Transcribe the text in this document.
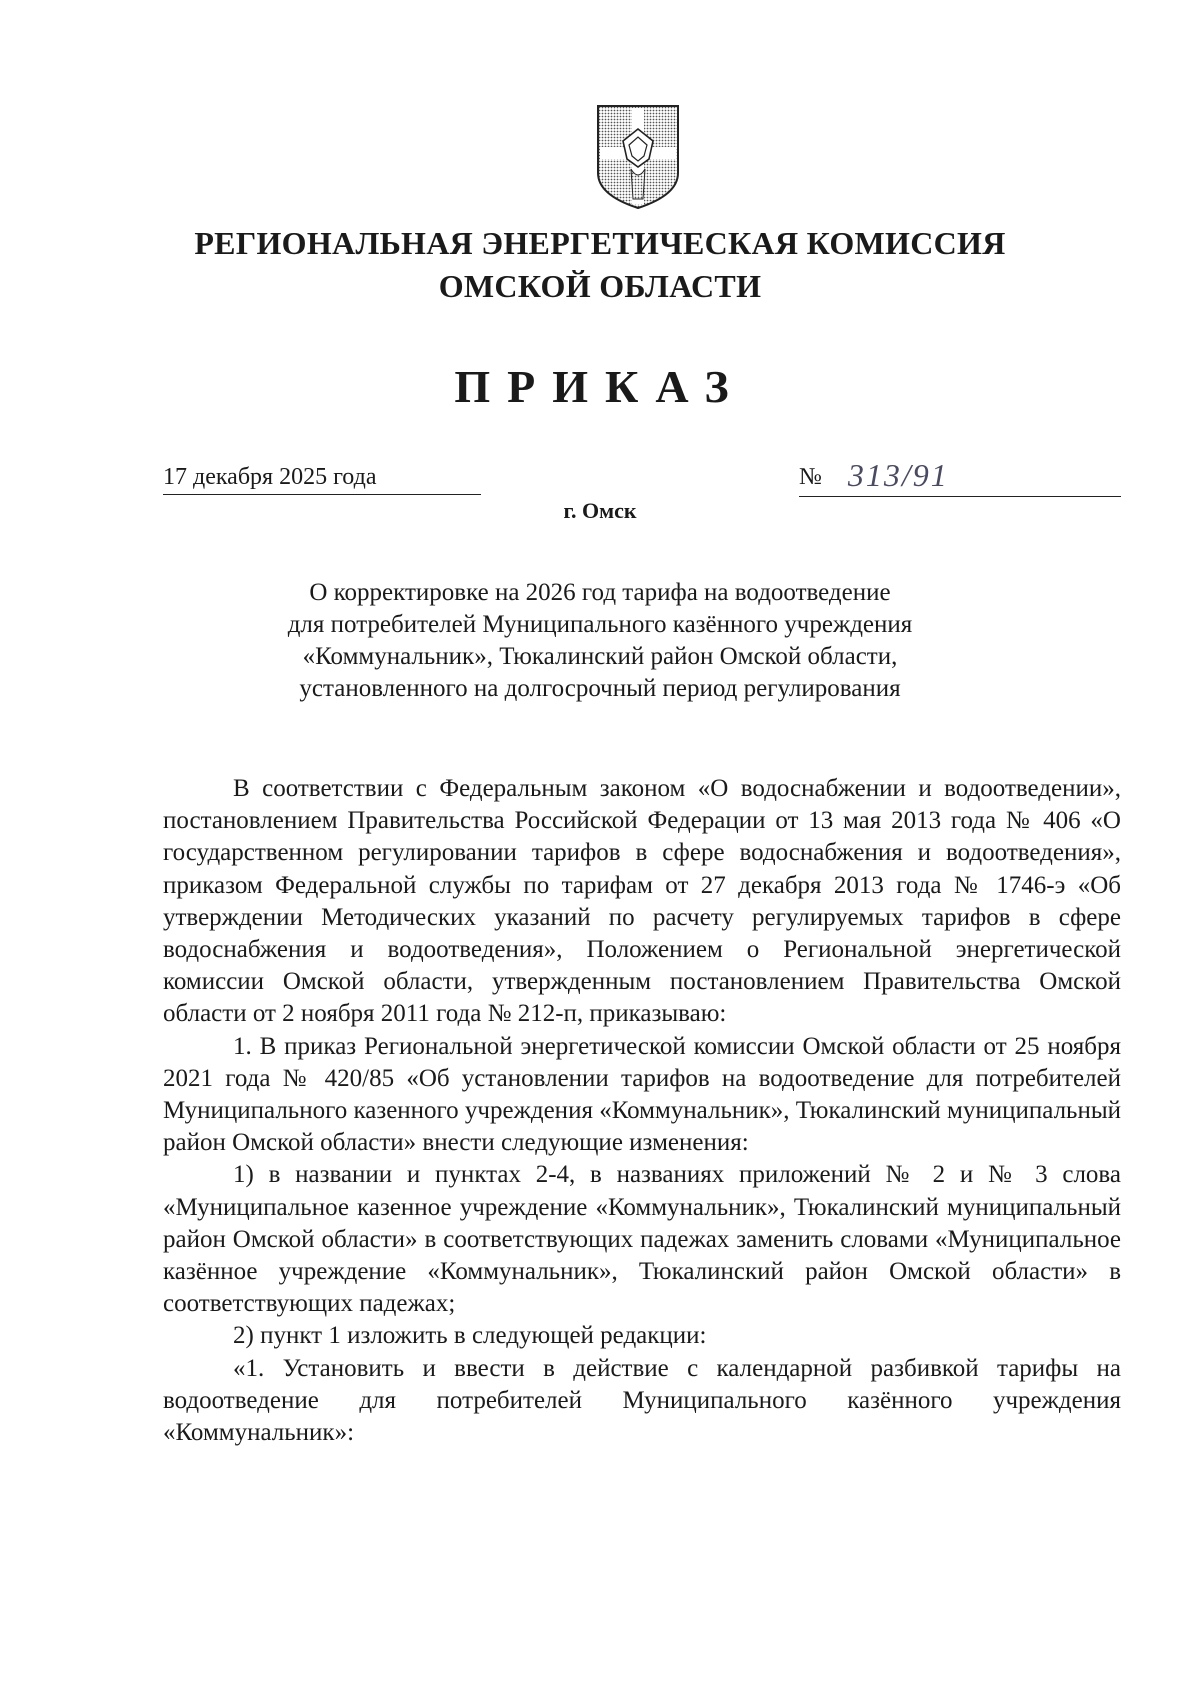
РЕГИОНАЛЬНАЯ ЭНЕРГЕТИЧЕСКАЯ КОМИССИЯ
ОМСКОЙ ОБЛАСТИ
ПРИКАЗ
17 декабря 2025 года	№ 313/91
г. Омск
О корректировке на 2026 год тарифа на водоотведение
для потребителей Муниципального казённого учреждения
«Коммунальник», Тюкалинский район Омской области,
установленного на долгосрочный период регулирования

В соответствии с Федеральным законом «О водоснабжении и водоотведении», постановлением Правительства Российской Федерации от 13 мая 2013 года № 406 «О государственном регулировании тарифов в сфере водоснабжения и водоотведения», приказом Федеральной службы по тарифам от 27 декабря 2013 года № 1746-э «Об утверждении Методических указаний по расчету регулируемых тарифов в сфере водоснабжения и водоотведения», Положением о Региональной энергетической комиссии Омской области, утвержденным постановлением Правительства Омской области от 2 ноября 2011 года № 212-п, приказываю:

1. В приказ Региональной энергетической комиссии Омской области от 25 ноября 2021 года № 420/85 «Об установлении тарифов на водоотведение для потребителей Муниципального казенного учреждения «Коммунальник», Тюкалинский муниципальный район Омской области» внести следующие изменения:

1) в названии и пунктах 2-4, в названиях приложений № 2 и № 3 слова «Муниципальное казенное учреждение «Коммунальник», Тюкалинский муниципальный район Омской области» в соответствующих падежах заменить словами «Муниципальное казённое учреждение «Коммунальник», Тюкалинский район Омской области» в соответствующих падежах;

2) пункт 1 изложить в следующей редакции:

«1. Установить и ввести в действие с календарной разбивкой тарифы на водоотведение для потребителей Муниципального казённого учреждения «Коммунальник»:
